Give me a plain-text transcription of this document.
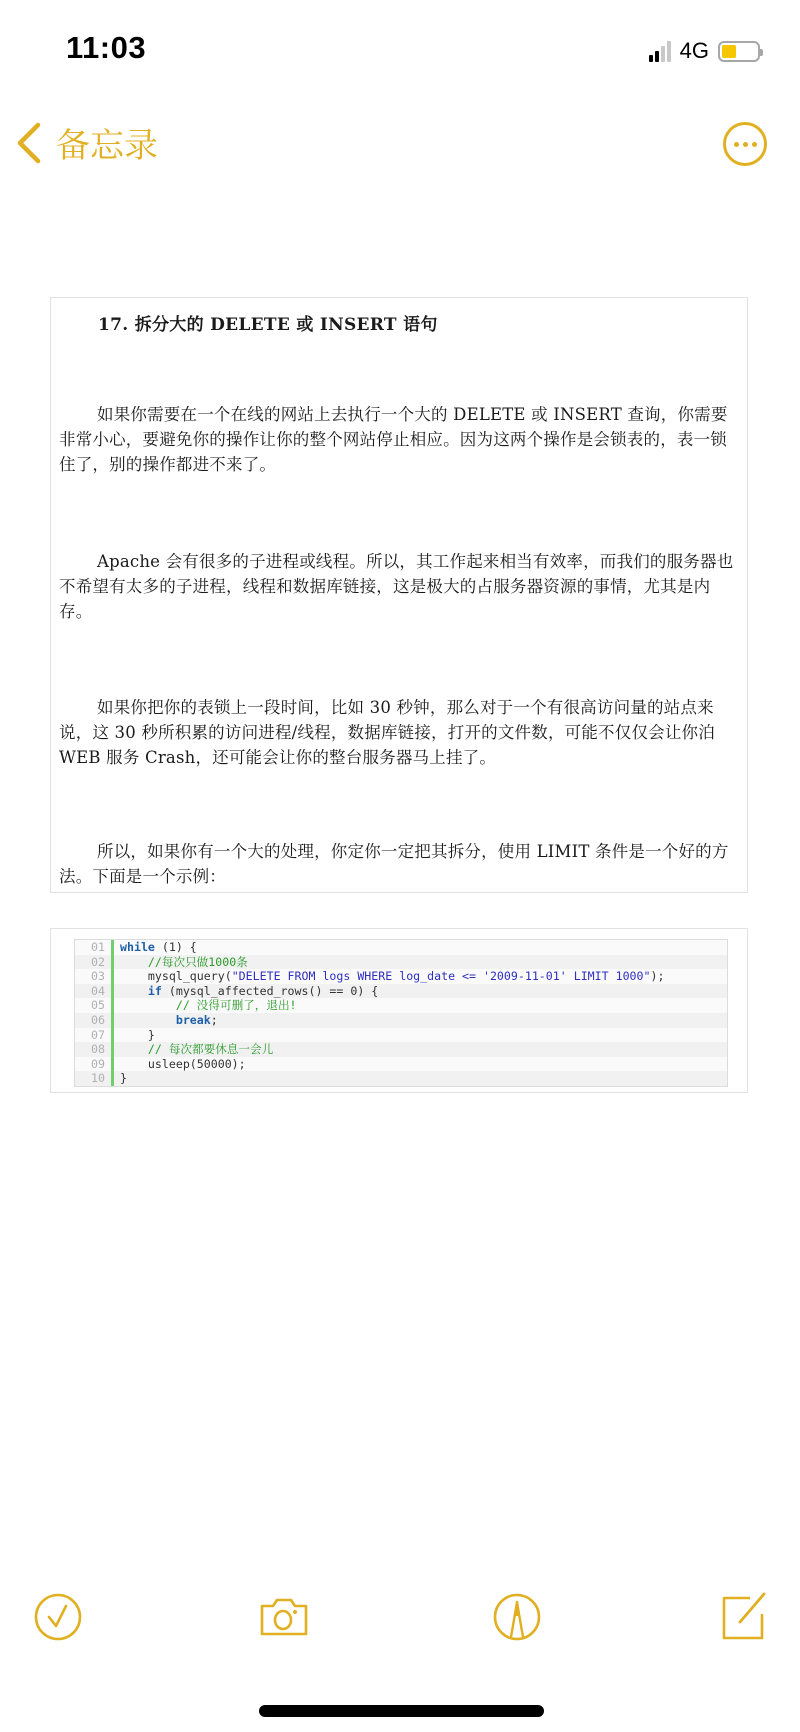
11:03	4G
备忘录
17. 拆分大的 DELETE 或 INSERT 语句

如果你需要在一个在线的网站上去执行一个大的 DELETE 或 INSERT 查询，你需要非常小心，要避免你的操作让你的整个网站停止相应。因为这两个操作是会锁表的，表一锁住了，别的操作都进不来了。

Apache 会有很多的子进程或线程。所以，其工作起来相当有效率，而我们的服务器也不希望有太多的子进程，线程和数据库链接，这是极大的占服务器资源的事情，尤其是内存。

如果你把你的表锁上一段时间，比如 30 秒钟，那么对于一个有很高访问量的站点来说，这 30 秒所积累的访问进程/线程，数据库链接，打开的文件数，可能不仅仅会让你泊 WEB 服务 Crash，还可能会让你的整台服务器马上挂了。

所以，如果你有一个大的处理，你定你一定把其拆分，使用 LIMIT 条件是一个好的方法。下面是一个示例：

01	while (1) {
02	//每次只做1000条
03	mysql_query("DELETE FROM logs WHERE log_date <= '2009-11-01' LIMIT 1000");
04	if (mysql_affected_rows() == 0) {
05	// 没得可删了，退出!
06	break;
07	}
08	// 每次都要休息一会儿
09	usleep(50000);
10	}
